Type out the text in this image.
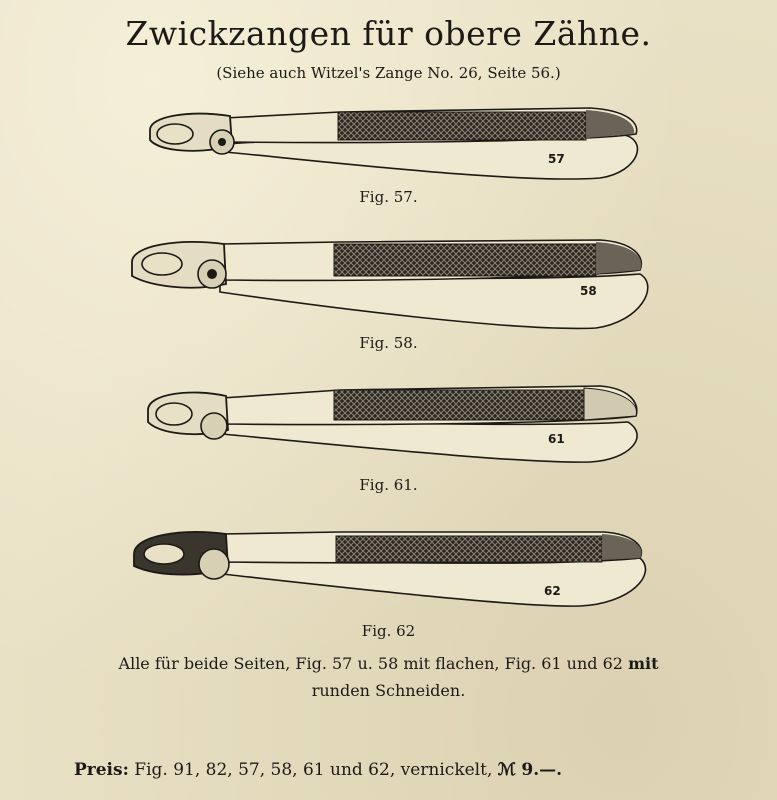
Zwickzangen für obere Zähne.
(Siehe auch Witzel's Zange No. 26, Seite 56.)
57
Fig. 57.
58
Fig. 58.
61
Fig. 61.
62
Fig. 62
Alle für beide Seiten, Fig. 57 u. 58 mit flachen, Fig. 61 und 62 mit
runden Schneiden.
Preis: Fig. 91, 82, 57, 58, 61 und 62, vernickelt, ℳ 9.—.
